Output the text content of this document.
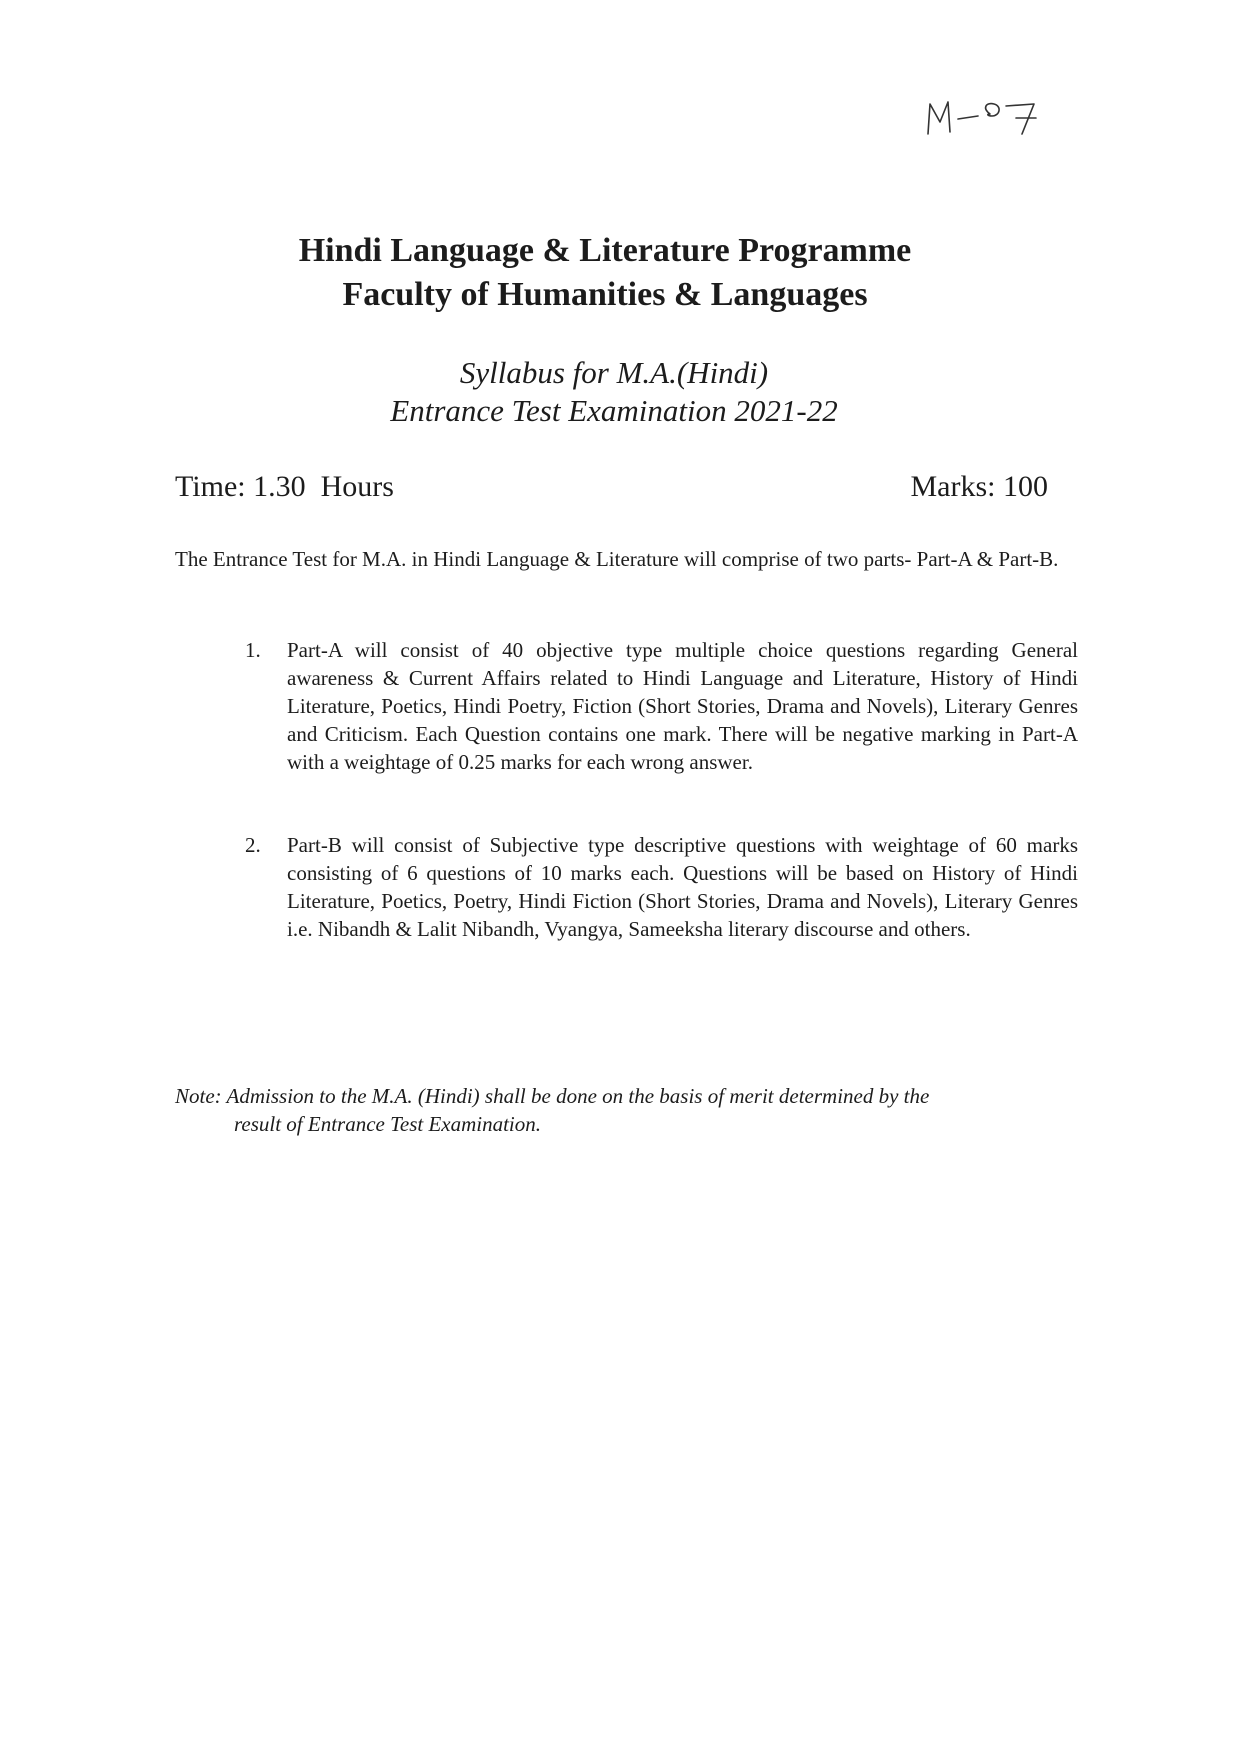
Hindi Language & Literature Programme
Faculty of Humanities & Languages

Syllabus for M.A.(Hindi)

Entrance Test Examination 2021-22

Time: 1.30  Hours	Marks: 100

The Entrance Test for M.A. in Hindi Language & Literature will comprise of two parts- Part-A & Part-B.

1. Part-A will consist of 40 objective type multiple choice questions regarding General awareness & Current Affairs related to Hindi Language and Literature, History of Hindi Literature, Poetics, Hindi Poetry, Fiction (Short Stories, Drama and Novels), Literary Genres and Criticism. Each Question contains one mark. There will be negative marking in Part-A with a weightage of 0.25 marks for each wrong answer.
2. Part-B will consist of Subjective type descriptive questions with weightage of 60 marks consisting of 6 questions of 10 marks each. Questions will be based on History of Hindi Literature, Poetics, Poetry, Hindi Fiction (Short Stories, Drama and Novels), Literary Genres i.e. Nibandh & Lalit Nibandh, Vyangya, Sameeksha literary discourse and others.

Note: Admission to the M.A. (Hindi) shall be done on the basis of merit determined by the
result of Entrance Test Examination.
